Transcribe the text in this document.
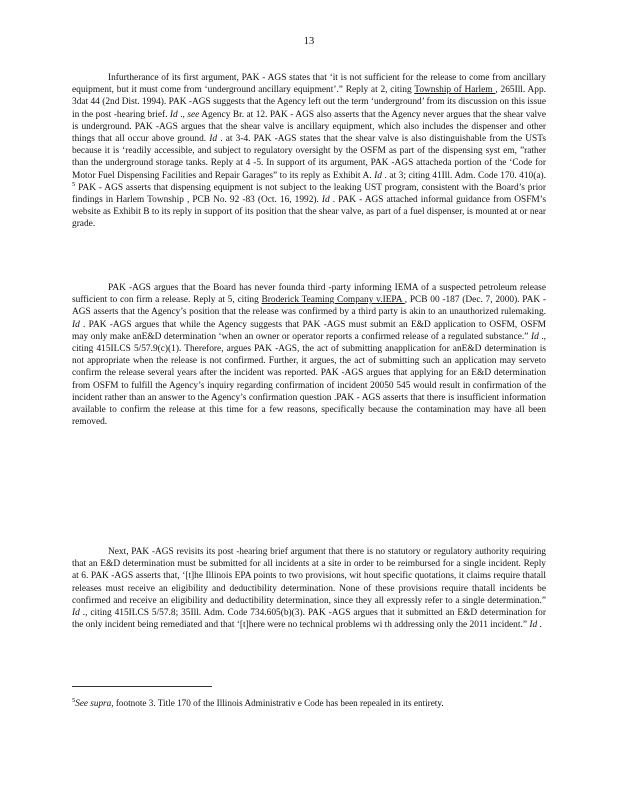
13

Infurtherance of its first argument, PAK - AGS states that ‘it is not sufficient for the release to come from ancillary equipment, but it must come from ‘underground ancillary equipment’.” Reply at 2, citing Township of Harlem , 265Ill. App. 3dat 44 (2nd Dist. 1994). PAK -AGS suggests that the Agency left out the term ‘underground’ from its discussion on this issue in the post -hearing brief. Id ., see Agency Br. at 12. PAK - AGS also asserts that the Agency never argues that the shear valve is underground. PAK -AGS argues that the shear valve is ancillary equipment, which also includes the dispenser and other things that all occur above ground. Id . at 3-4. PAK -AGS states that the shear valve is also distinguishable from the USTs because it is ‘readily accessible, and subject to regulatory oversight by the OSFM as part of the dispensing syst em, ”rather than the underground storage tanks. Reply at 4 -5. In support of its argument, PAK -AGS attacheda portion of the ‘Code for Motor Fuel Dispensing Facilities and Repair Garages” to its reply as Exhibit A. Id . at 3; citing 41Ill. Adm. Code 170. 410(a). $^5$ PAK - AGS asserts that dispensing equipment is not subject to the leaking UST program, consistent with the Board’s prior findings in Harlem Township , PCB No. 92 -83 (Oct. 16, 1992). Id . PAK - AGS attached informal guidance from OSFM’s website as Exhibit B to its reply in support of its position that the shear valve, as part of a fuel dispenser, is mounted at or near grade.

PAK -AGS argues that the Board has never founda third -party informing IEMA of a suspected petroleum release sufficient to con firm a release. Reply at 5, citing Broderick Teaming Company v.IEPA , PCB 00 -187 (Dec. 7, 2000). PAK -AGS asserts that the Agency’s position that the release was confirmed by a third party is akin to an unauthorized rulemaking. Id . PAK -AGS argues that while the Agency suggests that PAK -AGS must submit an E&D application to OSFM, OSFM may only make anE&D determination ‘when an owner or operator reports a confirmed release of a regulated substance.” Id ., citing 415ILCS 5/57.9(c)(1). Therefore, argues PAK -AGS, the act of submitting anapplication for anE&D determination is not appropriate when the release is not confirmed. Further, it argues, the act of submitting such an application may serveto confirm the release several years after the incident was reported. PAK -AGS argues that applying for an E&D determination from OSFM to fulfill the Agency’s inquiry regarding confirmation of incident 20050 545 would result in confirmation of the incident rather than an answer to the Agency’s confirmation question .PAK - AGS asserts that there is insufficient information available to confirm the release at this time for a few reasons, specifically because the contamination may have all been removed.

Next, PAK -AGS revisits its post -hearing brief argument that there is no statutory or regulatory authority requiring that an E&D determination must be submitted for all incidents at a site in order to be reimbursed for a single incident. Reply at 6. PAK -AGS asserts that, ‘[t]he Illinois EPA points to two provisions, wit hout specific quotations, it claims require thatall releases must receive an eligibility and deductibility determination. None of these provisions require thatall incidents be confirmed and receive an eligibility and deductibility determination, since they all expressly refer to a single determination.” Id ., citing 415ILCS 5/57.8; 35Ill. Adm. Code 734.605(b)(3). PAK -AGS argues that it submitted an E&D determination for the only incident being remediated and that ‘[t]here were no technical problems wi th addressing only the 2011 incident.” Id .

$^5$See supra, footnote 3. Title 170 of the Illinois Administrativ e Code has been repealed in its entirety.
